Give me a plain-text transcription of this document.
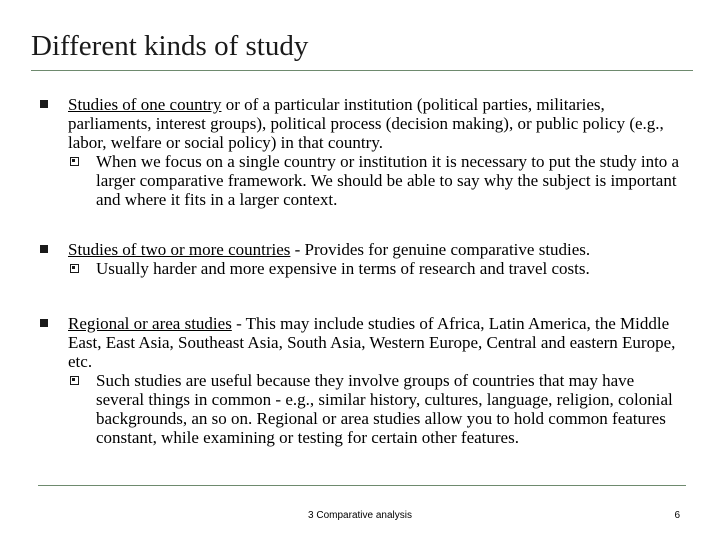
Different kinds of study
Studies of one country or of a particular institution (political parties, militaries, parliaments, interest groups), political process (decision making), or public policy (e.g., labor, welfare or social policy) in that country.
When we focus on a single country or institution it is necessary to put the study into a larger comparative framework. We should be able to say why the subject is important and where it fits in a larger context.
Studies of two or more countries - Provides for genuine comparative studies.
Usually harder and more expensive in terms of research and travel costs.
Regional or area studies - This may include studies of Africa, Latin America, the Middle East, East Asia, Southeast Asia, South Asia, Western Europe, Central and eastern Europe, etc.
Such studies are useful because they involve groups of countries that may have several things in common - e.g., similar history, cultures, language, religion, colonial backgrounds, an so on. Regional or area studies allow you to hold common features constant, while examining or testing for certain other features.
3 Comparative analysis	6
